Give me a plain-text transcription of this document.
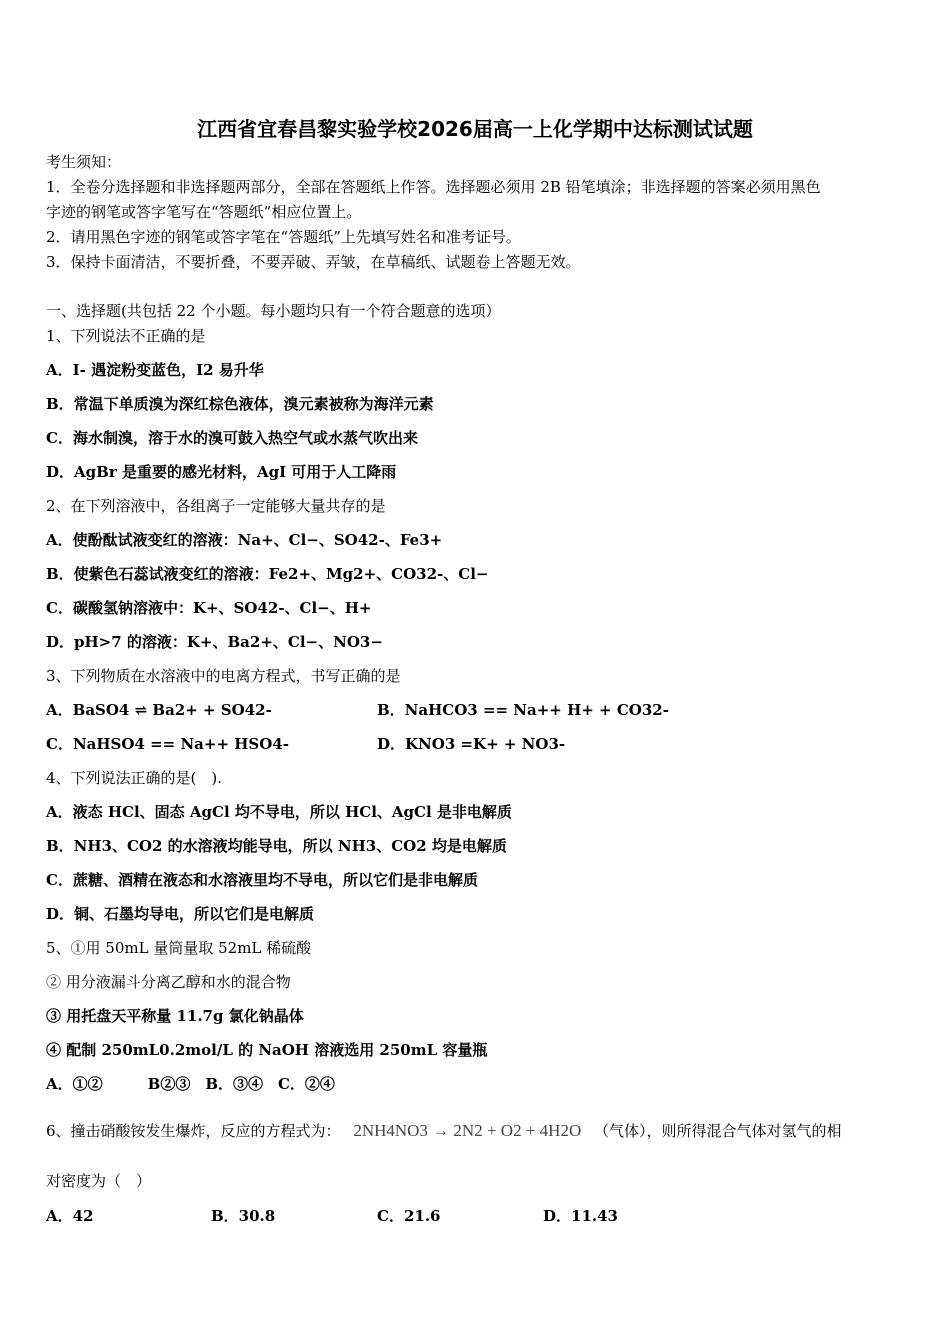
江西省宜春昌黎实验学校2026届高一上化学期中达标测试试题
考生须知：
1．全卷分选择题和非选择题两部分，全部在答题纸上作答。选择题必须用 2B 铅笔填涂；非选择题的答案必须用黑色
字迹的钢笔或答字笔写在“答题纸”相应位置上。
2．请用黑色字迹的钢笔或答字笔在“答题纸”上先填写姓名和准考证号。
3．保持卡面清洁，不要折叠，不要弄破、弄皱，在草稿纸、试题卷上答题无效。
一、选择题(共包括 22 个小题。每小题均只有一个符合题意的选项）
1、下列说法不正确的是
A．I- 遇淀粉变蓝色，I2 易升华
B．常温下单质溴为深红棕色液体，溴元素被称为海洋元素
C．海水制溴，溶于水的溴可鼓入热空气或水蒸气吹出来
D．AgBr 是重要的感光材料，AgI 可用于人工降雨
2、在下列溶液中，各组离子一定能够大量共存的是
A．使酚酞试液变红的溶液：Na+、Cl−、SO42-、Fe3+
B．使紫色石蕊试液变红的溶液：Fe2+、Mg2+、CO32-、Cl−
C．碳酸氢钠溶液中：K+、SO42-、Cl−、H+
D．pH>7 的溶液：K+、Ba2+、Cl−、NO3−
3、下列物质在水溶液中的电离方程式，书写正确的是
A．BaSO4 ⇌ Ba2+ + SO42-	B．NaHCO3 == Na++ H+ + CO32-
C．NaHSO4 == Na++ HSO4-	D．KNO3 =K+ + NO3-
4、下列说法正确的是(　).
A．液态 HCl、固态 AgCl 均不导电，所以 HCl、AgCl 是非电解质
B．NH3、CO2 的水溶液均能导电，所以 NH3、CO2 均是电解质
C．蔗糖、酒精在液态和水溶液里均不导电，所以它们是非电解质
D．铜、石墨均导电，所以它们是电解质
5、①用 50mL 量筒量取 52mL 稀硫酸
② 用分液漏斗分离乙醇和水的混合物
③ 用托盘天平称量 11.7g 氯化钠晶体
④ 配制 250mL0.2mol/L 的 NaOH 溶液选用 250mL 容量瓶
A．①②　　　B②③　B．③④　C．②④
6、撞击硝酸铵发生爆炸，反应的方程式为： 2NH4NO3 → 2N2 + O2 + 4H2O （气体），则所得混合气体对氢气的相
对密度为（　）
A．42	B．30.8	C．21.6	D．11.43
